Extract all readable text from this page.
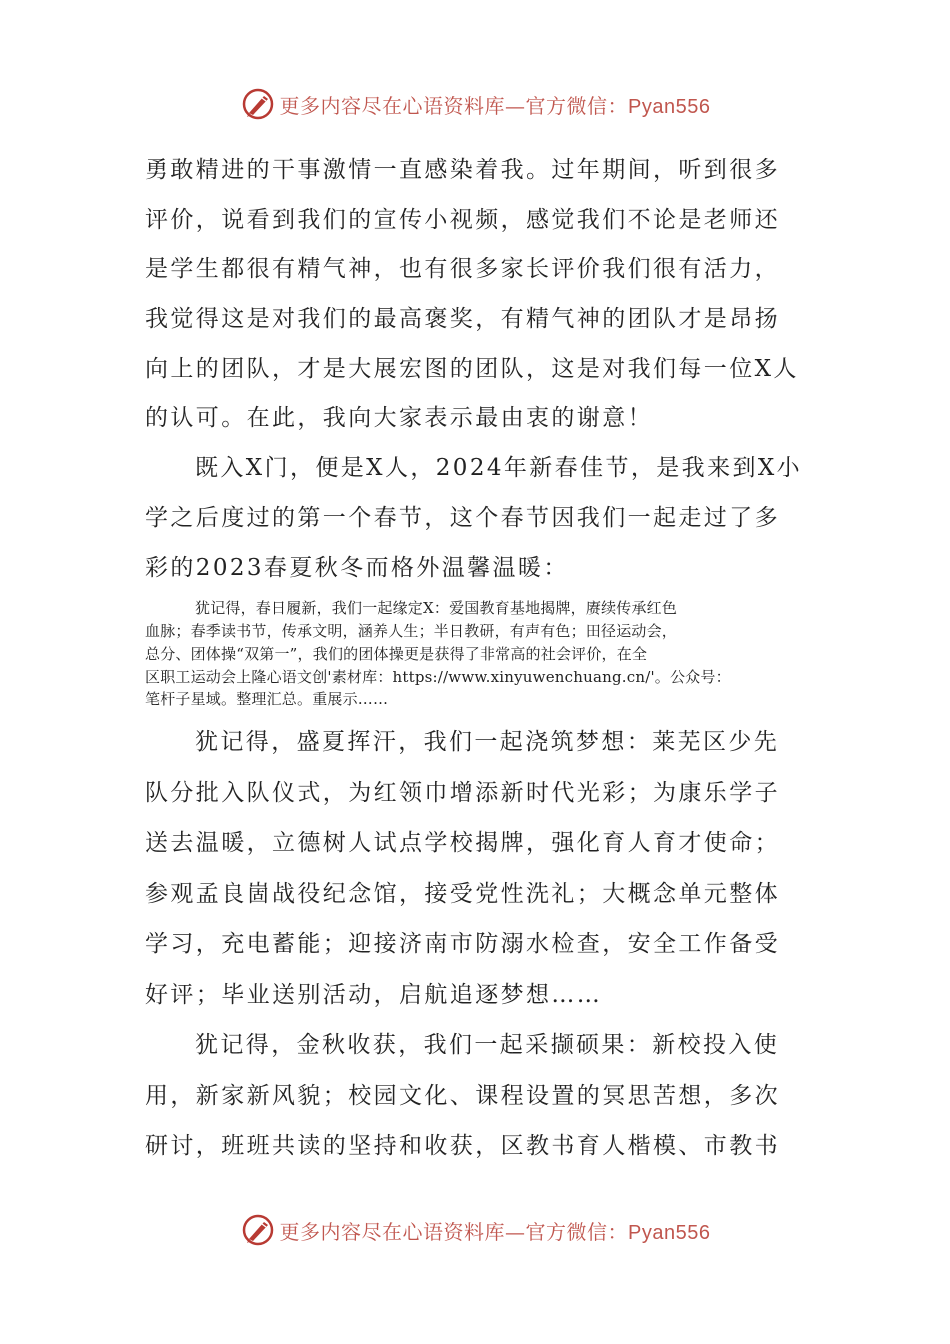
更多内容尽在心语资料库—官方微信：Pyan556
勇敢精进的干事激情一直感染着我。过年期间，听到很多
评价，说看到我们的宣传小视频，感觉我们不论是老师还
是学生都很有精气神，也有很多家长评价我们很有活力，
我觉得这是对我们的最高褒奖，有精气神的团队才是昂扬
向上的团队，才是大展宏图的团队，这是对我们每一位X人
的认可。在此，我向大家表示最由衷的谢意！
既入X门，便是X人，2024年新春佳节，是我来到X小
学之后度过的第一个春节，这个春节因我们一起走过了多
彩的2023春夏秋冬而格外温馨温暖：
犹记得，春日履新，我们一起缘定X：爱国教育基地揭牌，赓续传承红色
血脉；春季读书节，传承文明，涵养人生；半日教研，有声有色；田径运动会，
总分、团体操“双第一”，我们的团体操更是获得了非常高的社会评价，在全
区职工运动会上隆心语文创'素材库：https://www.xinyuwenchuang.cn/'。公众号：
笔杆子星域。整理汇总。重展示……
犹记得，盛夏挥汗，我们一起浇筑梦想：莱芜区少先
队分批入队仪式，为红领巾增添新时代光彩；为康乐学子
送去温暖，立德树人试点学校揭牌，强化育人育才使命；
参观孟良崮战役纪念馆，接受党性洗礼；大概念单元整体
学习，充电蓄能；迎接济南市防溺水检查，安全工作备受
好评；毕业送别活动，启航追逐梦想……
犹记得，金秋收获，我们一起采撷硕果：新校投入使
用，新家新风貌；校园文化、课程设置的冥思苦想，多次
研讨，班班共读的坚持和收获，区教书育人楷模、市教书
更多内容尽在心语资料库—官方微信：Pyan556
